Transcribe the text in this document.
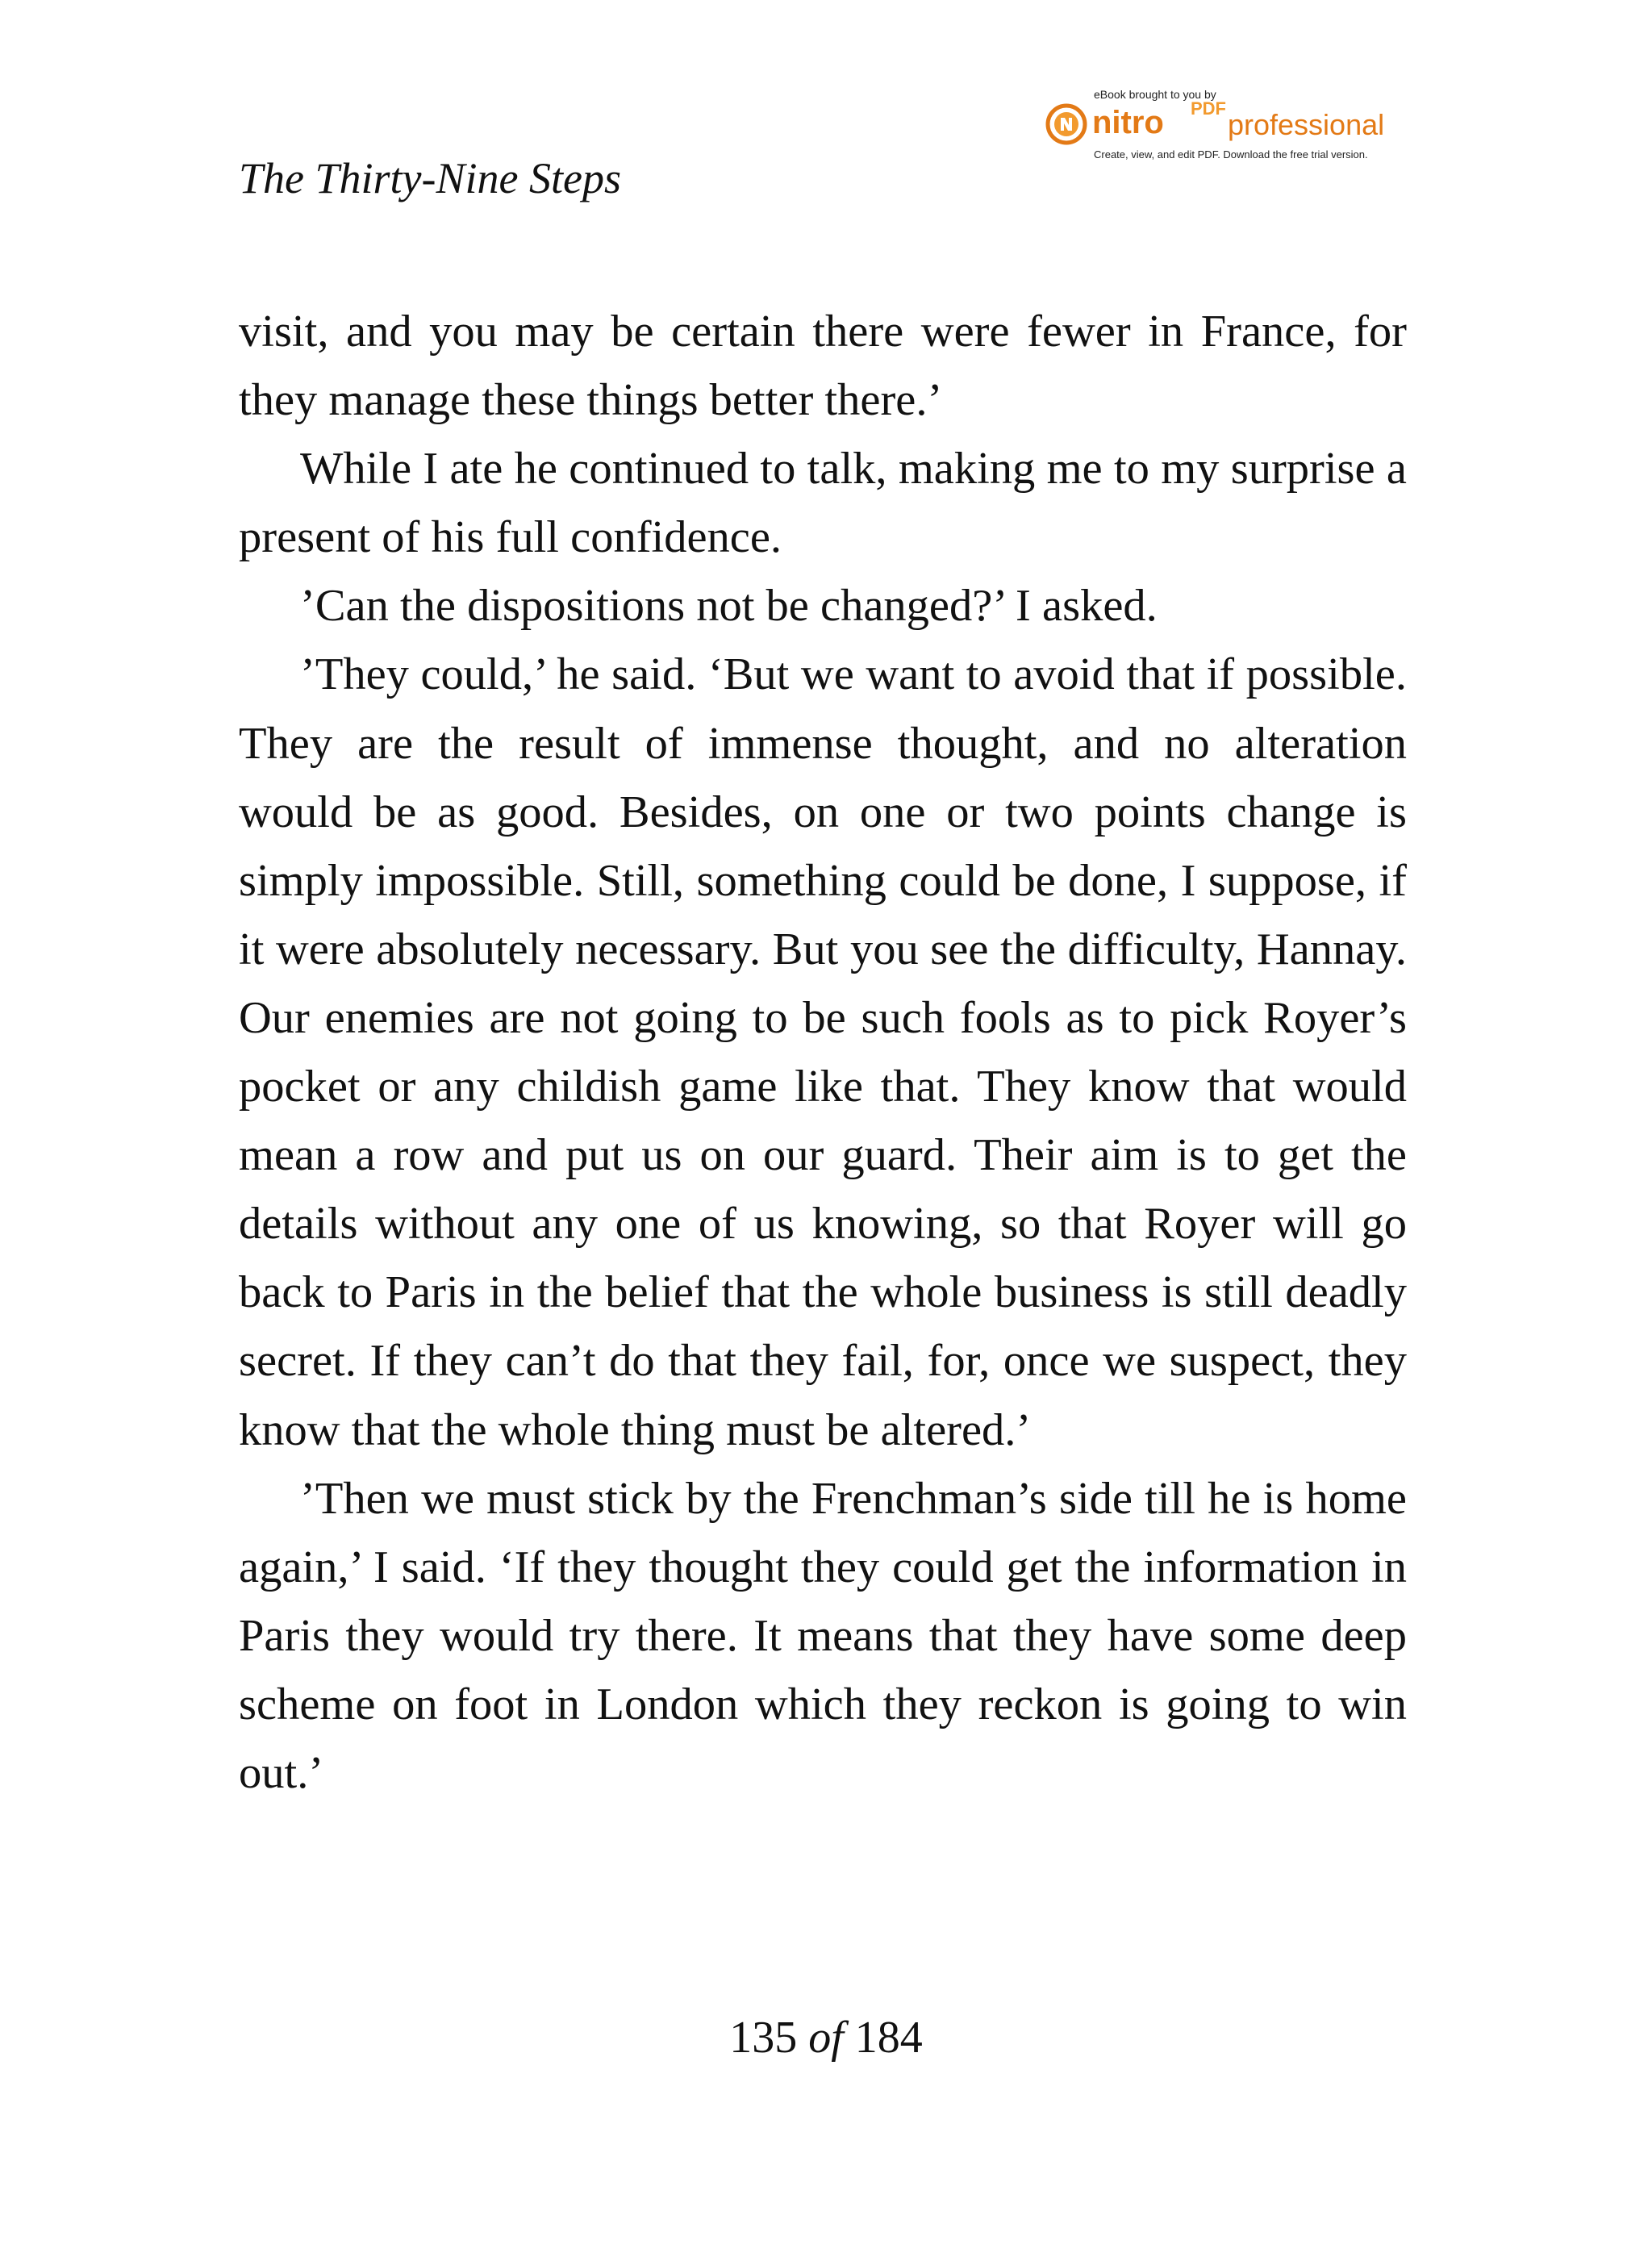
The Thirty-Nine Steps
eBook brought to you by
nitro PDF professional
Create, view, and edit PDF. Download the free trial version.

visit, and you may be certain there were fewer in France, for they manage these things better there.’

While I ate he continued to talk, making me to my surprise a present of his full confidence.

’Can the dispositions not be changed?’ I asked.

’They could,’ he said. ‘But we want to avoid that if possible. They are the result of immense thought, and no alteration would be as good. Besides, on one or two points change is simply impossible. Still, something could be done, I suppose, if it were absolutely necessary. But you see the difficulty, Hannay. Our enemies are not going to be such fools as to pick Royer’s pocket or any childish game like that. They know that would mean a row and put us on our guard. Their aim is to get the details without any one of us knowing, so that Royer will go back to Paris in the belief that the whole business is still deadly secret. If they can’t do that they fail, for, once we suspect, they know that the whole thing must be altered.’

’Then we must stick by the Frenchman’s side till he is home again,’ I said. ‘If they thought they could get the information in Paris they would try there. It means that they have some deep scheme on foot in London which they reckon is going to win out.’

135 of 184
